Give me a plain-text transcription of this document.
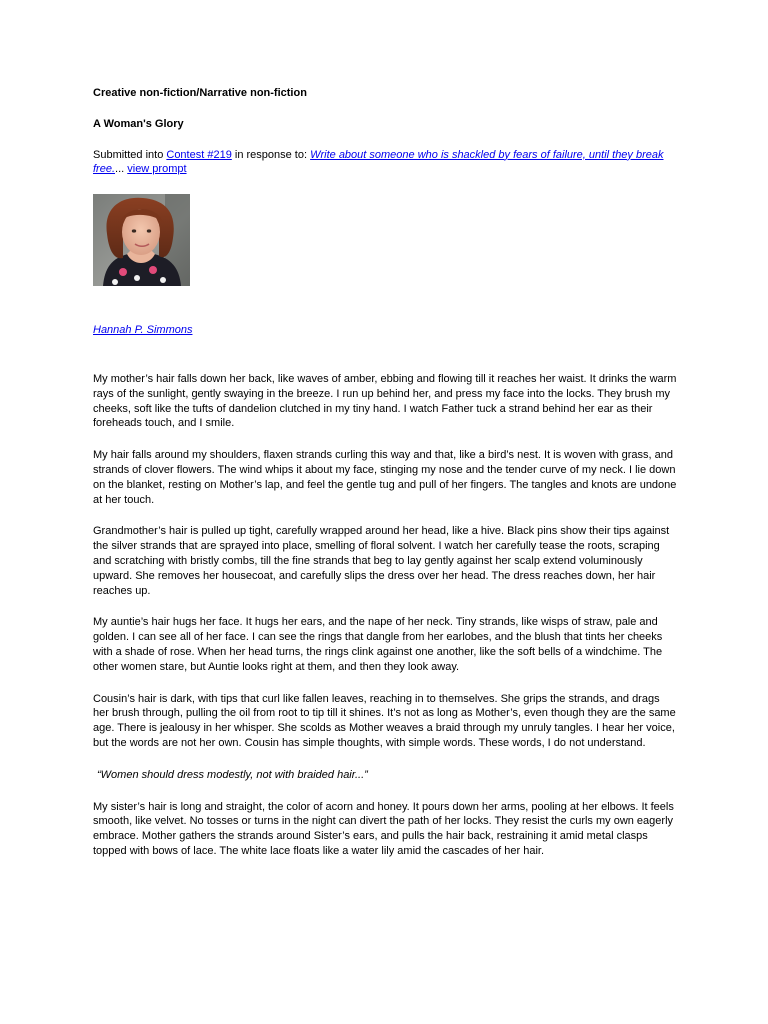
Creative non-fiction/Narrative non-fiction
A Woman's Glory
Submitted into Contest #219 in response to: Write about someone who is shackled by fears of failure, until they break free.... view prompt
Hannah P. Simmons

My mother’s hair falls down her back, like waves of amber, ebbing and flowing till it reaches her waist. It drinks the warm rays of the sunlight, gently swaying in the breeze. I run up behind her, and press my face into the locks. They brush my cheeks, soft like the tufts of dandelion clutched in my tiny hand. I watch Father tuck a strand behind her ear as their foreheads touch, and I smile.

My hair falls around my shoulders, flaxen strands curling this way and that, like a bird’s nest. It is woven with grass, and strands of clover flowers. The wind whips it about my face, stinging my nose and the tender curve of my neck. I lie down on the blanket, resting on Mother’s lap, and feel the gentle tug and pull of her fingers. The tangles and knots are undone at her touch.

Grandmother’s hair is pulled up tight, carefully wrapped around her head, like a hive. Black pins show their tips against the silver strands that are sprayed into place, smelling of floral solvent. I watch her carefully tease the roots, scraping and scratching with bristly combs, till the fine strands that beg to lay gently against her scalp extend voluminously upward. She removes her housecoat, and carefully slips the dress over her head. The dress reaches down, her hair reaches up.

My auntie’s hair hugs her face. It hugs her ears, and the nape of her neck. Tiny strands, like wisps of straw, pale and golden. I can see all of her face. I can see the rings that dangle from her earlobes, and the blush that tints her cheeks with a shade of rose. When her head turns, the rings clink against one another, like the soft bells of a windchime. The other women stare, but Auntie looks right at them, and then they look away.

Cousin’s hair is dark, with tips that curl like fallen leaves, reaching in to themselves. She grips the strands, and drags her brush through, pulling the oil from root to tip till it shines. It’s not as long as Mother’s, even though they are the same age. There is jealousy in her whisper. She scolds as Mother weaves a braid through my unruly tangles. I hear her voice, but the words are not her own. Cousin has simple thoughts, with simple words. These words, I do not understand.

“Women should dress modestly, not with braided hair...”

My sister’s hair is long and straight, the color of acorn and honey. It pours down her arms, pooling at her elbows. It feels smooth, like velvet. No tosses or turns in the night can divert the path of her locks. They resist the curls my own eagerly embrace. Mother gathers the strands around Sister’s ears, and pulls the hair back, restraining it amid metal clasps topped with bows of lace. The white lace floats like a water lily amid the cascades of her hair.
